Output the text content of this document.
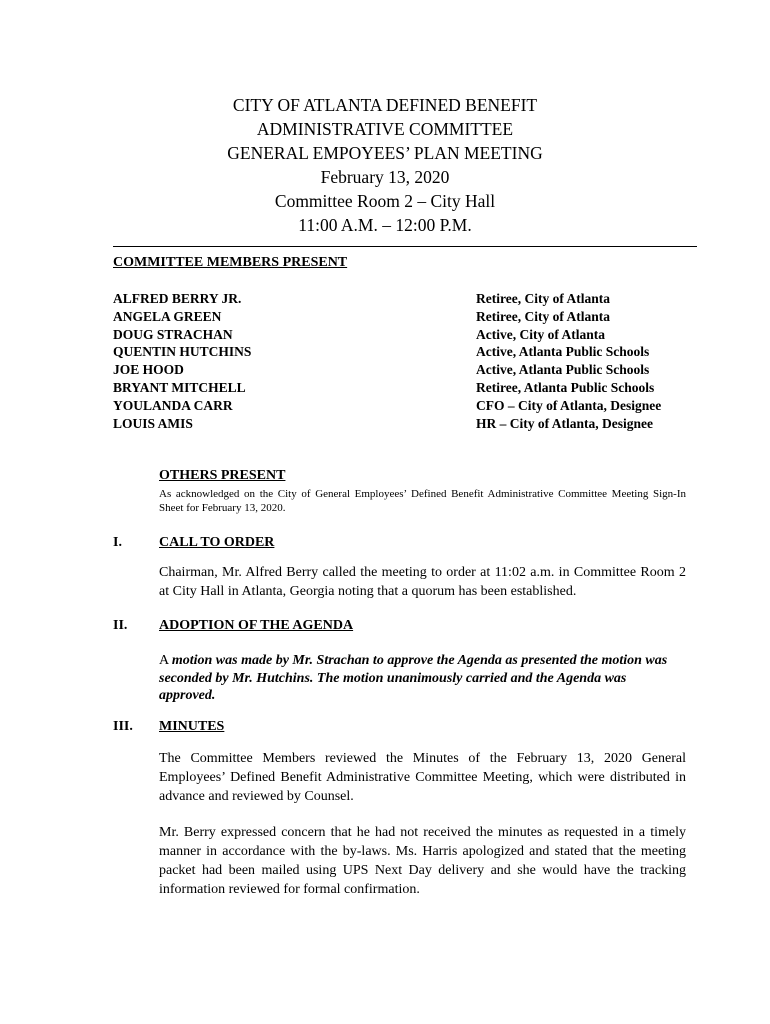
CITY OF ATLANTA DEFINED BENEFIT
ADMINISTRATIVE COMMITTEE
GENERAL EMPOYEES’ PLAN MEETING
February 13, 2020
Committee Room 2 – City Hall
11:00 A.M. – 12:00 P.M.
COMMITTEE MEMBERS PRESENT
ALFRED BERRY JR.
ANGELA GREEN
DOUG STRACHAN
QUENTIN HUTCHINS
JOE HOOD
BRYANT MITCHELL
YOULANDA CARR
LOUIS AMIS
Retiree, City of Atlanta
Retiree, City of Atlanta
Active, City of Atlanta
Active, Atlanta Public Schools
Active, Atlanta Public Schools
Retiree, Atlanta Public Schools
CFO – City of Atlanta, Designee
HR – City of Atlanta, Designee
OTHERS PRESENT
As acknowledged on the City of General Employees’ Defined Benefit Administrative Committee Meeting Sign-In Sheet for February 13, 2020.
I.	CALL TO ORDER
Chairman, Mr. Alfred Berry called the meeting to order at 11:02 a.m. in Committee Room 2 at City Hall in Atlanta, Georgia noting that a quorum has been established.
II. ADOPTION OF THE AGENDA
A motion was made by Mr. Strachan to approve the Agenda as presented the motion was seconded by Mr. Hutchins. The motion unanimously carried and the Agenda was approved.
III. MINUTES
The Committee Members reviewed the Minutes of the February 13, 2020 General Employees’ Defined Benefit Administrative Committee Meeting, which were distributed in advance and reviewed by Counsel.
Mr. Berry expressed concern that he had not received the minutes as requested in a timely manner in accordance with the by-laws. Ms. Harris apologized and stated that the meeting packet had been mailed using UPS Next Day delivery and she would have the tracking information reviewed for formal confirmation.
